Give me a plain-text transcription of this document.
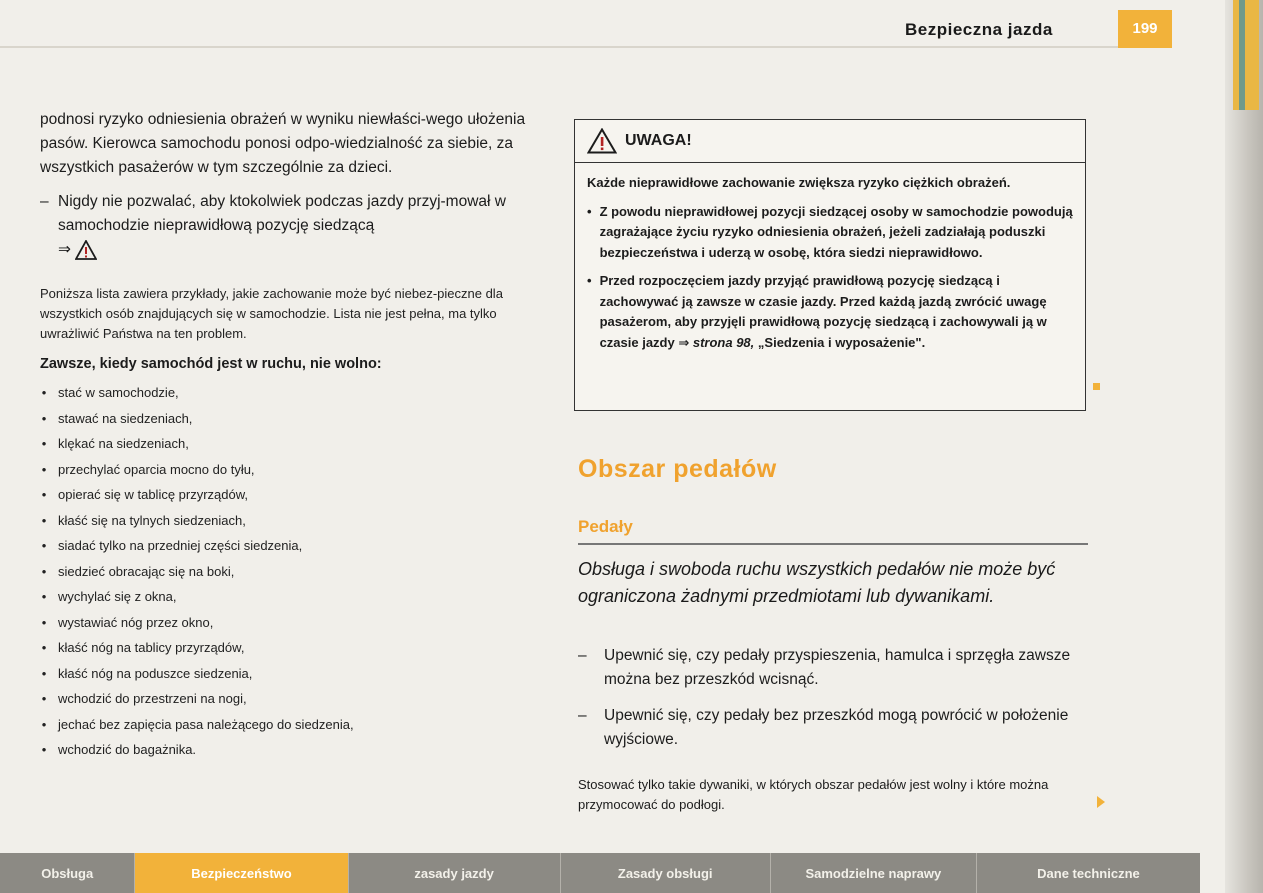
Bezpieczna jazda	199

podnosi ryzyko odniesienia obrażeń w wyniku niewłaści-wego ułożenia pasów. Kierowca samochodu ponosi odpo-wiedzialność za siebie, za wszystkich pasażerów w tym szczególnie za dzieci.

– Nigdy nie pozwalać, aby ktokolwiek podczas jazdy przyj-mował w samochodzie nieprawidłową pozycję siedzącą

⇒

Poniższa lista zawiera przykłady, jakie zachowanie może być niebez-pieczne dla wszystkich osób znajdujących się w samochodzie. Lista nie jest pełna, ma tylko uwrażliwić Państwa na ten problem.

Zawsze, kiedy samochód jest w ruchu, nie wolno:

• stać w samochodzie,
• stawać na siedzeniach,
• klękać na siedzeniach,
• przechylać oparcia mocno do tyłu,
• opierać się w tablicę przyrządów,
• kłaść się na tylnych siedzeniach,
• siadać tylko na przedniej części siedzenia,
• siedzieć obracając się na boki,
• wychylać się z okna,
• wystawiać nóg przez okno,
• kłaść nóg na tablicy przyrządów,
• kłaść nóg na poduszce siedzenia,
• wchodzić do przestrzeni na nogi,
• jechać bez zapięcia pasa należącego do siedzenia,
• wchodzić do bagażnika.
UWAGA!

Każde nieprawidłowe zachowanie zwiększa ryzyko ciężkich obrażeń.

• Z powodu nieprawidłowej pozycji siedzącej osoby w samochodzie powodują zagrażające życiu ryzyko odniesienia obrażeń, jeżeli zadziałają poduszki bezpieczeństwa i uderzą w osobę, która siedzi nieprawidłowo.

• Przed rozpoczęciem jazdy przyjąć prawidłową pozycję siedzącą i zachowywać ją zawsze w czasie jazdy. Przed każdą jazdą zwrócić uwagę pasażerom, aby przyjęli prawidłową pozycję siedzącą i zachowywali ją w czasie jazdy ⇒ strona 98, „Siedzenia i wyposażenie".

Obszar pedałów
Pedały
Obsługa i swoboda ruchu wszystkich pedałów nie może być ograniczona żadnymi przedmiotami lub dywanikami.
– Upewnić się, czy pedały przyspieszenia, hamulca i sprzęgła zawsze można bez przeszkód wcisnąć.
– Upewnić się, czy pedały bez przeszkód mogą powrócić w położenie wyjściowe.
Stosować tylko takie dywaniki, w których obszar pedałów jest wolny i które można przymocować do podłogi.
Obsługa	Bezpieczeństwo	zasady jazdy	Zasady obsługi	Samodzielne naprawy	Dane techniczne
